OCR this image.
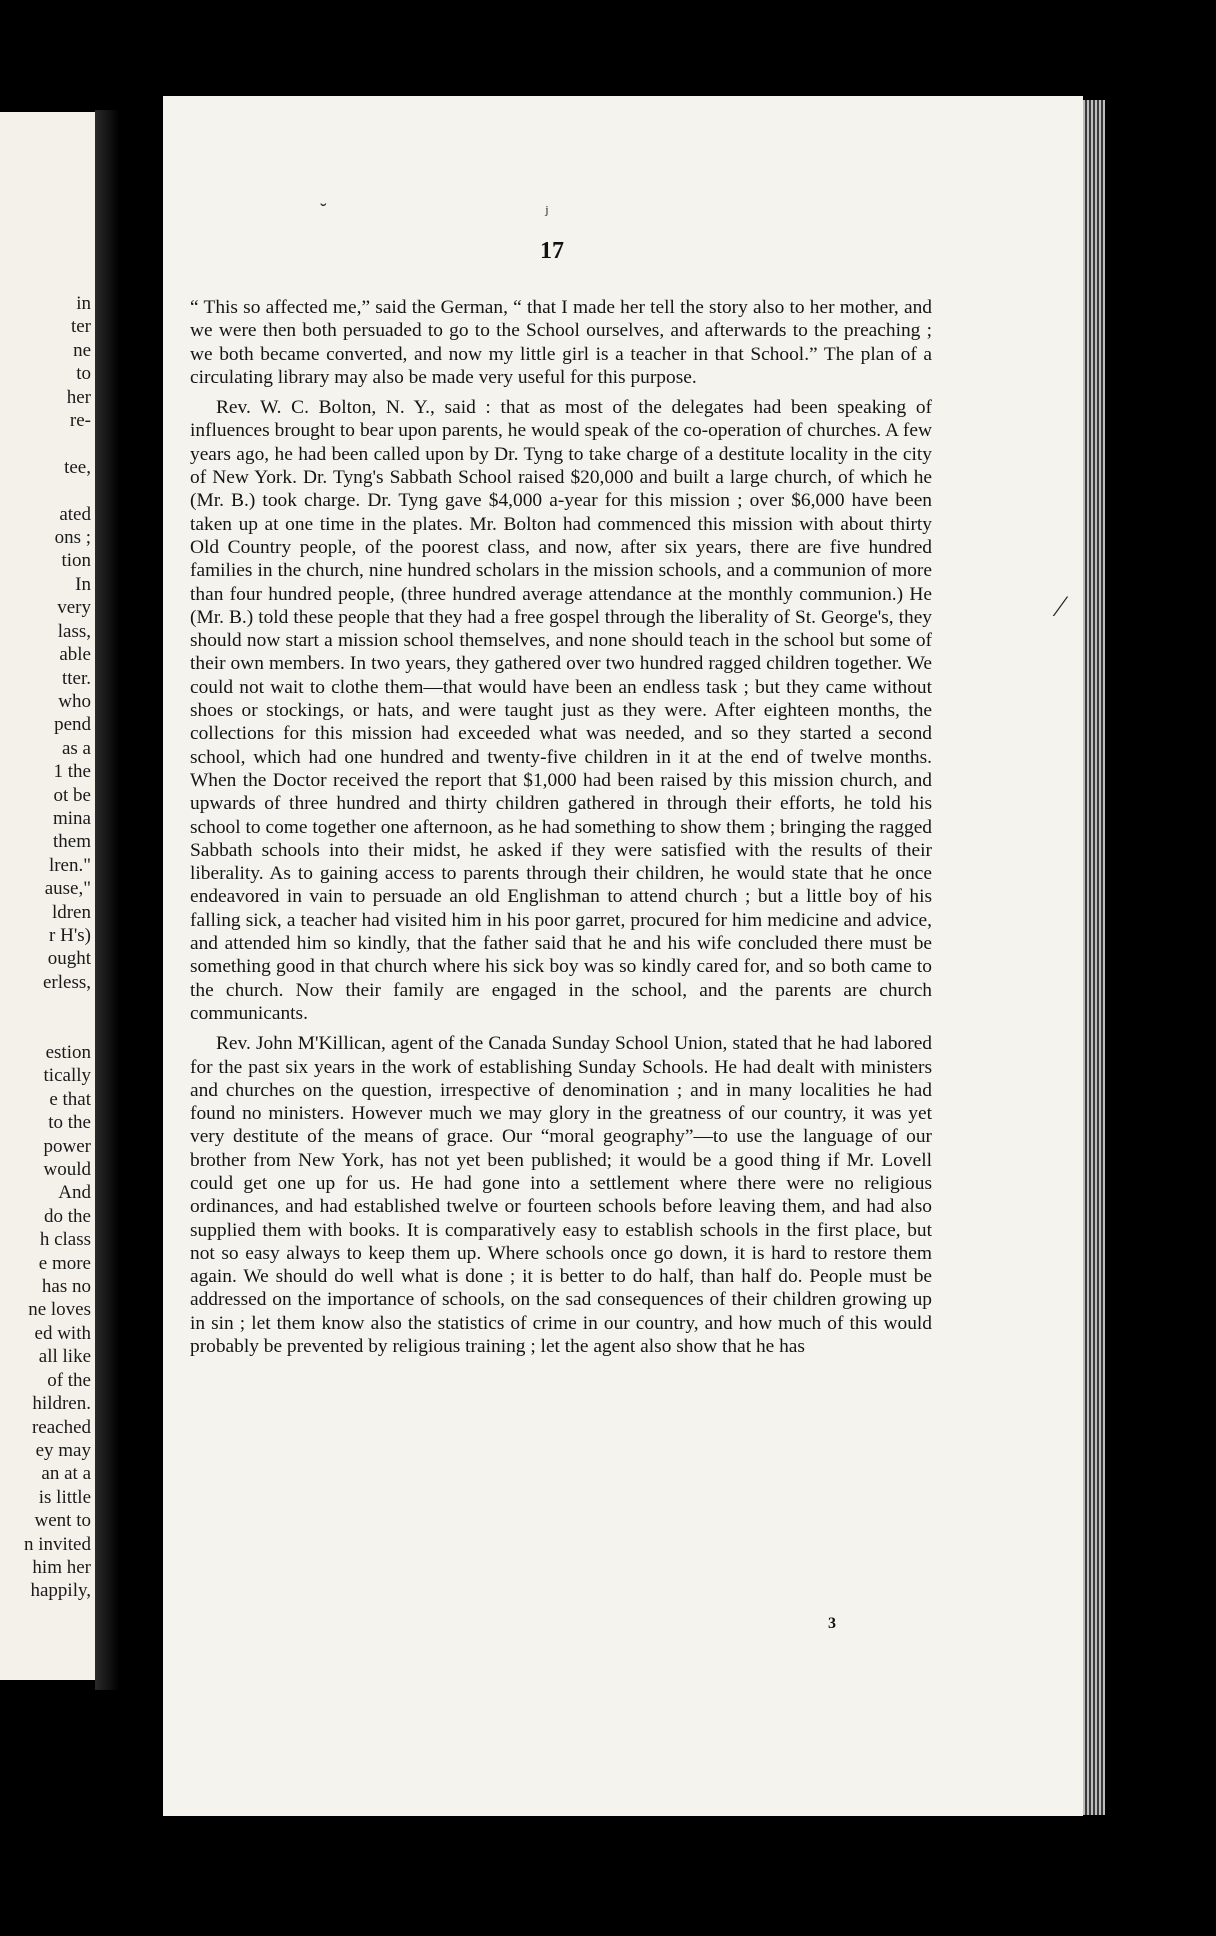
in
ter
ne
to
her
re-

tee,

ated
ons ;
tion
In
very
lass,
able
tter.
who
pend
as a
1 the
ot be
mina
them
lren."
ause,"
ldren
r H's)
ought
erless,

estion
tically
e that
to the
power
would
And
do the
h class
e more
has no
ne loves
ed with
all like
of the
hildren.
reached
ey may
an at a
is little
went to
n invited
him her
happily,
17

“ This so affected me,” said the German, “ that I made her tell the story also to her mother, and we were then both persuaded to go to the School ourselves, and afterwards to the preaching ; we both became converted, and now my little girl is a teacher in that School.” The plan of a circulating library may also be made very useful for this purpose.

Rev. W. C. Bolton, N. Y., said : that as most of the delegates had been speaking of influences brought to bear upon parents, he would speak of the co-operation of churches. A few years ago, he had been called upon by Dr. Tyng to take charge of a destitute locality in the city of New York. Dr. Tyng's Sabbath School raised $20,000 and built a large church, of which he (Mr. B.) took charge. Dr. Tyng gave $4,000 a-year for this mission ; over $6,000 have been taken up at one time in the plates. Mr. Bolton had commenced this mission with about thirty Old Country people, of the poorest class, and now, after six years, there are five hundred families in the church, nine hundred scholars in the mission schools, and a communion of more than four hundred people, (three hundred average attendance at the monthly communion.) He (Mr. B.) told these people that they had a free gospel through the liberality of St. George's, they should now start a mission school themselves, and none should teach in the school but some of their own members. In two years, they gathered over two hundred ragged children together. We could not wait to clothe them—that would have been an endless task ; but they came without shoes or stockings, or hats, and were taught just as they were. After eighteen months, the collections for this mission had exceeded what was needed, and so they started a second school, which had one hundred and twenty-five children in it at the end of twelve months. When the Doctor received the report that $1,000 had been raised by this mission church, and upwards of three hundred and thirty children gathered in through their efforts, he told his school to come together one afternoon, as he had something to show them ; bringing the ragged Sabbath schools into their midst, he asked if they were satisfied with the results of their liberality. As to gaining access to parents through their children, he would state that he once endeavored in vain to persuade an old Englishman to attend church ; but a little boy of his falling sick, a teacher had visited him in his poor garret, procured for him medicine and advice, and attended him so kindly, that the father said that he and his wife concluded there must be something good in that church where his sick boy was so kindly cared for, and so both came to the church. Now their family are engaged in the school, and the parents are church communicants.

Rev. John M'Killican, agent of the Canada Sunday School Union, stated that he had labored for the past six years in the work of establishing Sunday Schools. He had dealt with ministers and churches on the question, irrespective of denomination ; and in many localities he had found no ministers. However much we may glory in the greatness of our country, it was yet very destitute of the means of grace. Our “moral geography”—to use the language of our brother from New York, has not yet been published; it would be a good thing if Mr. Lovell could get one up for us. He had gone into a settlement where there were no religious ordinances, and had established twelve or fourteen schools before leaving them, and had also supplied them with books. It is comparatively easy to establish schools in the first place, but not so easy always to keep them up. Where schools once go down, it is hard to restore them again. We should do well what is done ; it is better to do half, than half do. People must be addressed on the importance of schools, on the sad consequences of their children growing up in sin ; let them know also the statistics of crime in our country, and how much of this would probably be prevented by religious training ; let the agent also show that he has

3
˘	ʲ
⁄
